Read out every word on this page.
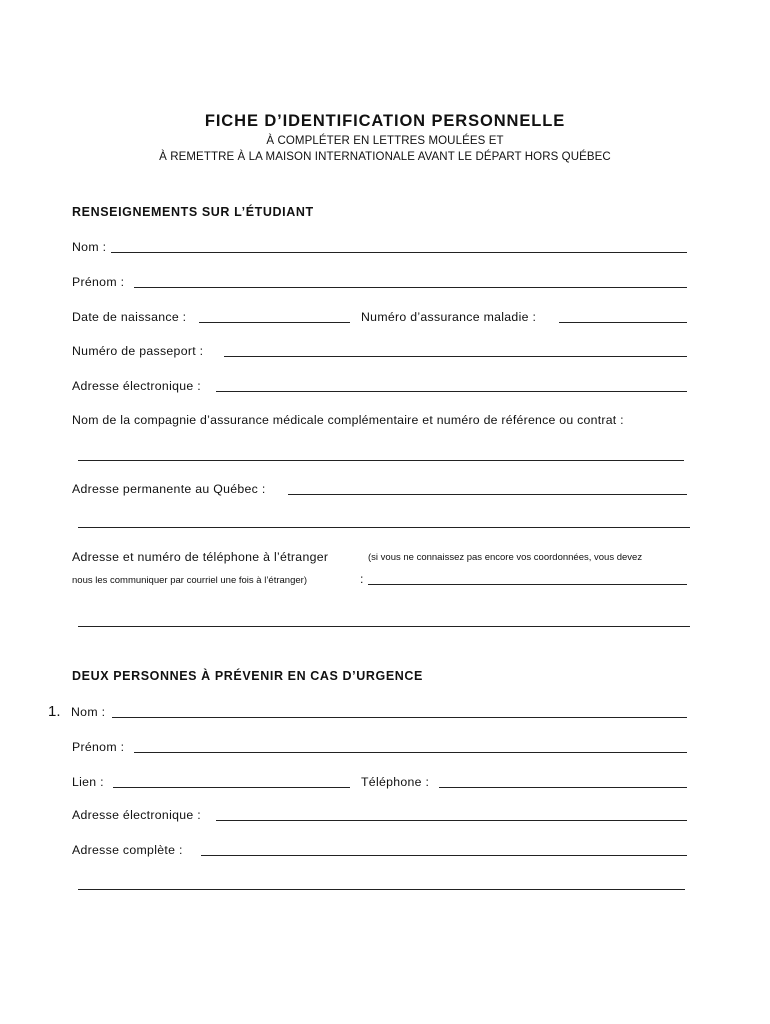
FICHE D’IDENTIFICATION PERSONNELLE
À COMPLÉTER EN LETTRES MOULÉES ET
À REMETTRE À LA MAISON INTERNATIONALE AVANT LE DÉPART HORS QUÉBEC
RENSEIGNEMENTS SUR L’ÉTUDIANT
Nom :
Prénom :
Date de naissance :	Numéro d’assurance maladie :
Numéro de passeport :
Adresse électronique :
Nom de la compagnie d’assurance médicale complémentaire et numéro de référence ou contrat :
Adresse permanente au Québec :
Adresse et numéro de téléphone à l’étranger	(si vous ne connaissez pas encore vos coordonnées, vous devez
nous les communiquer par courriel une fois à l’étranger)	:
DEUX PERSONNES À PRÉVENIR EN CAS D’URGENCE
1. Nom :
Prénom :
Lien :	Téléphone :
Adresse électronique :
Adresse complète :
